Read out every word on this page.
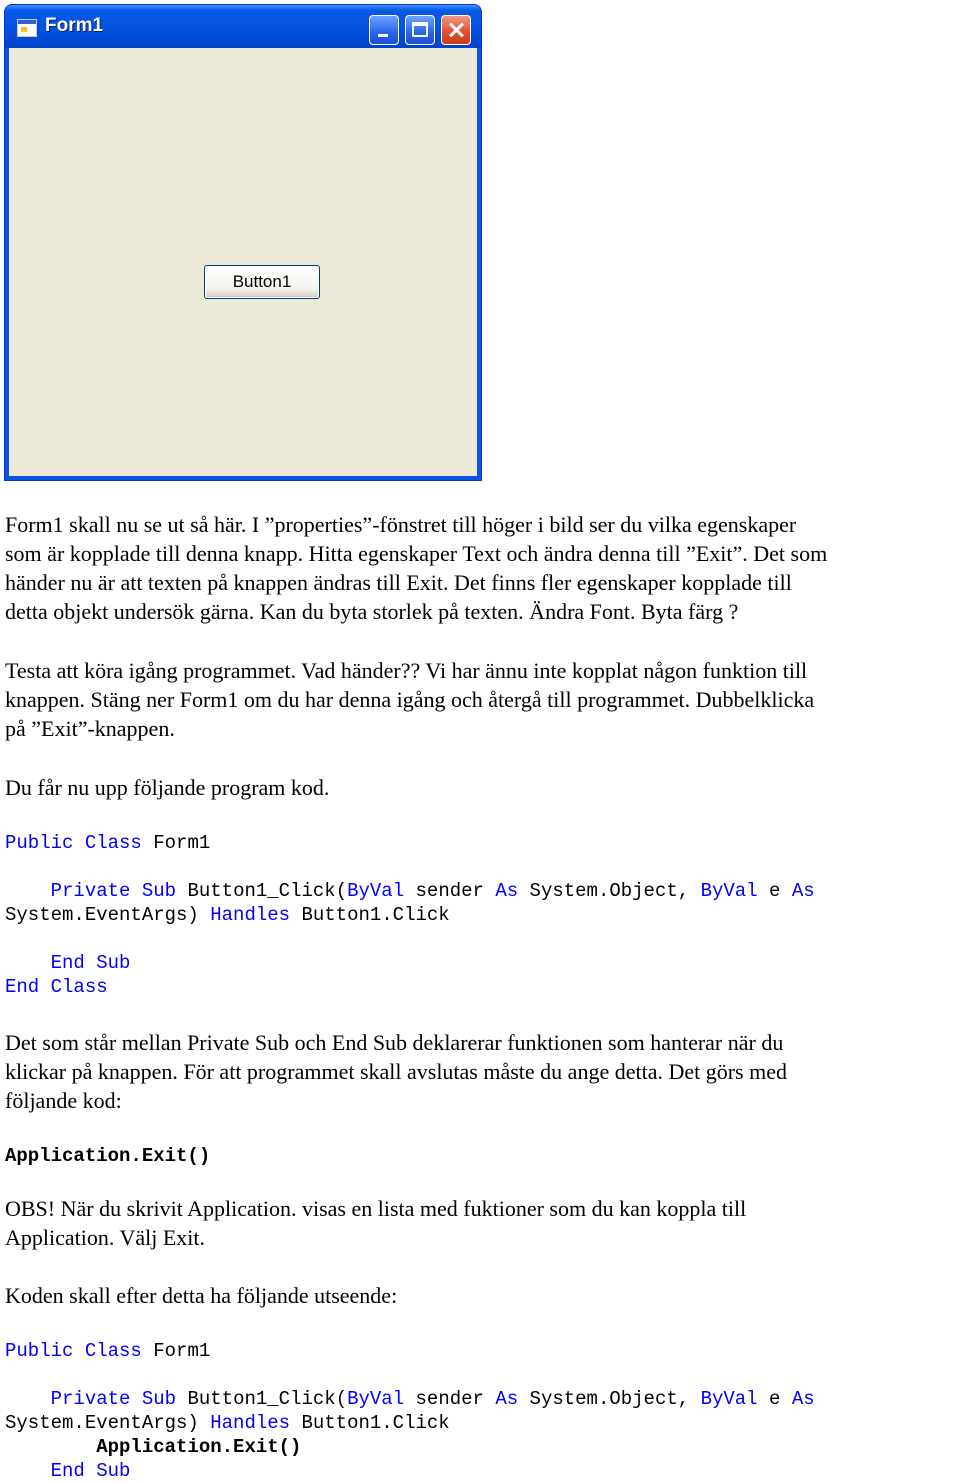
Form1
Button1

Form1 skall nu se ut så här. I ”properties”-fönstret till höger i bild ser du vilka egenskaper
som är kopplade till denna knapp. Hitta egenskaper Text och ändra denna till ”Exit”. Det som
händer nu är att texten på knappen ändras till Exit. Det finns fler egenskaper kopplade till
detta objekt undersök gärna. Kan du byta storlek på texten. Ändra Font. Byta färg ?

Testa att köra igång programmet. Vad händer?? Vi har ännu inte kopplat någon funktion till
knappen. Stäng ner Form1 om du har denna igång och återgå till programmet. Dubbelklicka
på ”Exit”-knappen.

Du får nu upp följande program kod.

Public Class Form1

Private Sub Button1_Click(ByVal sender As System.Object, ByVal e As
System.EventArgs) Handles Button1.Click

End Sub
End Class

Det som står mellan Private Sub och End Sub deklarerar funktionen som hanterar när du
klickar på knappen. För att programmet skall avslutas måste du ange detta. Det görs med
följande kod:

Application.Exit()

OBS! När du skrivit Application. visas en lista med fuktioner som du kan koppla till
Application. Välj Exit.

Koden skall efter detta ha följande utseende:

Public Class Form1

Private Sub Button1_Click(ByVal sender As System.Object, ByVal e As
System.EventArgs) Handles Button1.Click
Application.Exit()
End Sub
